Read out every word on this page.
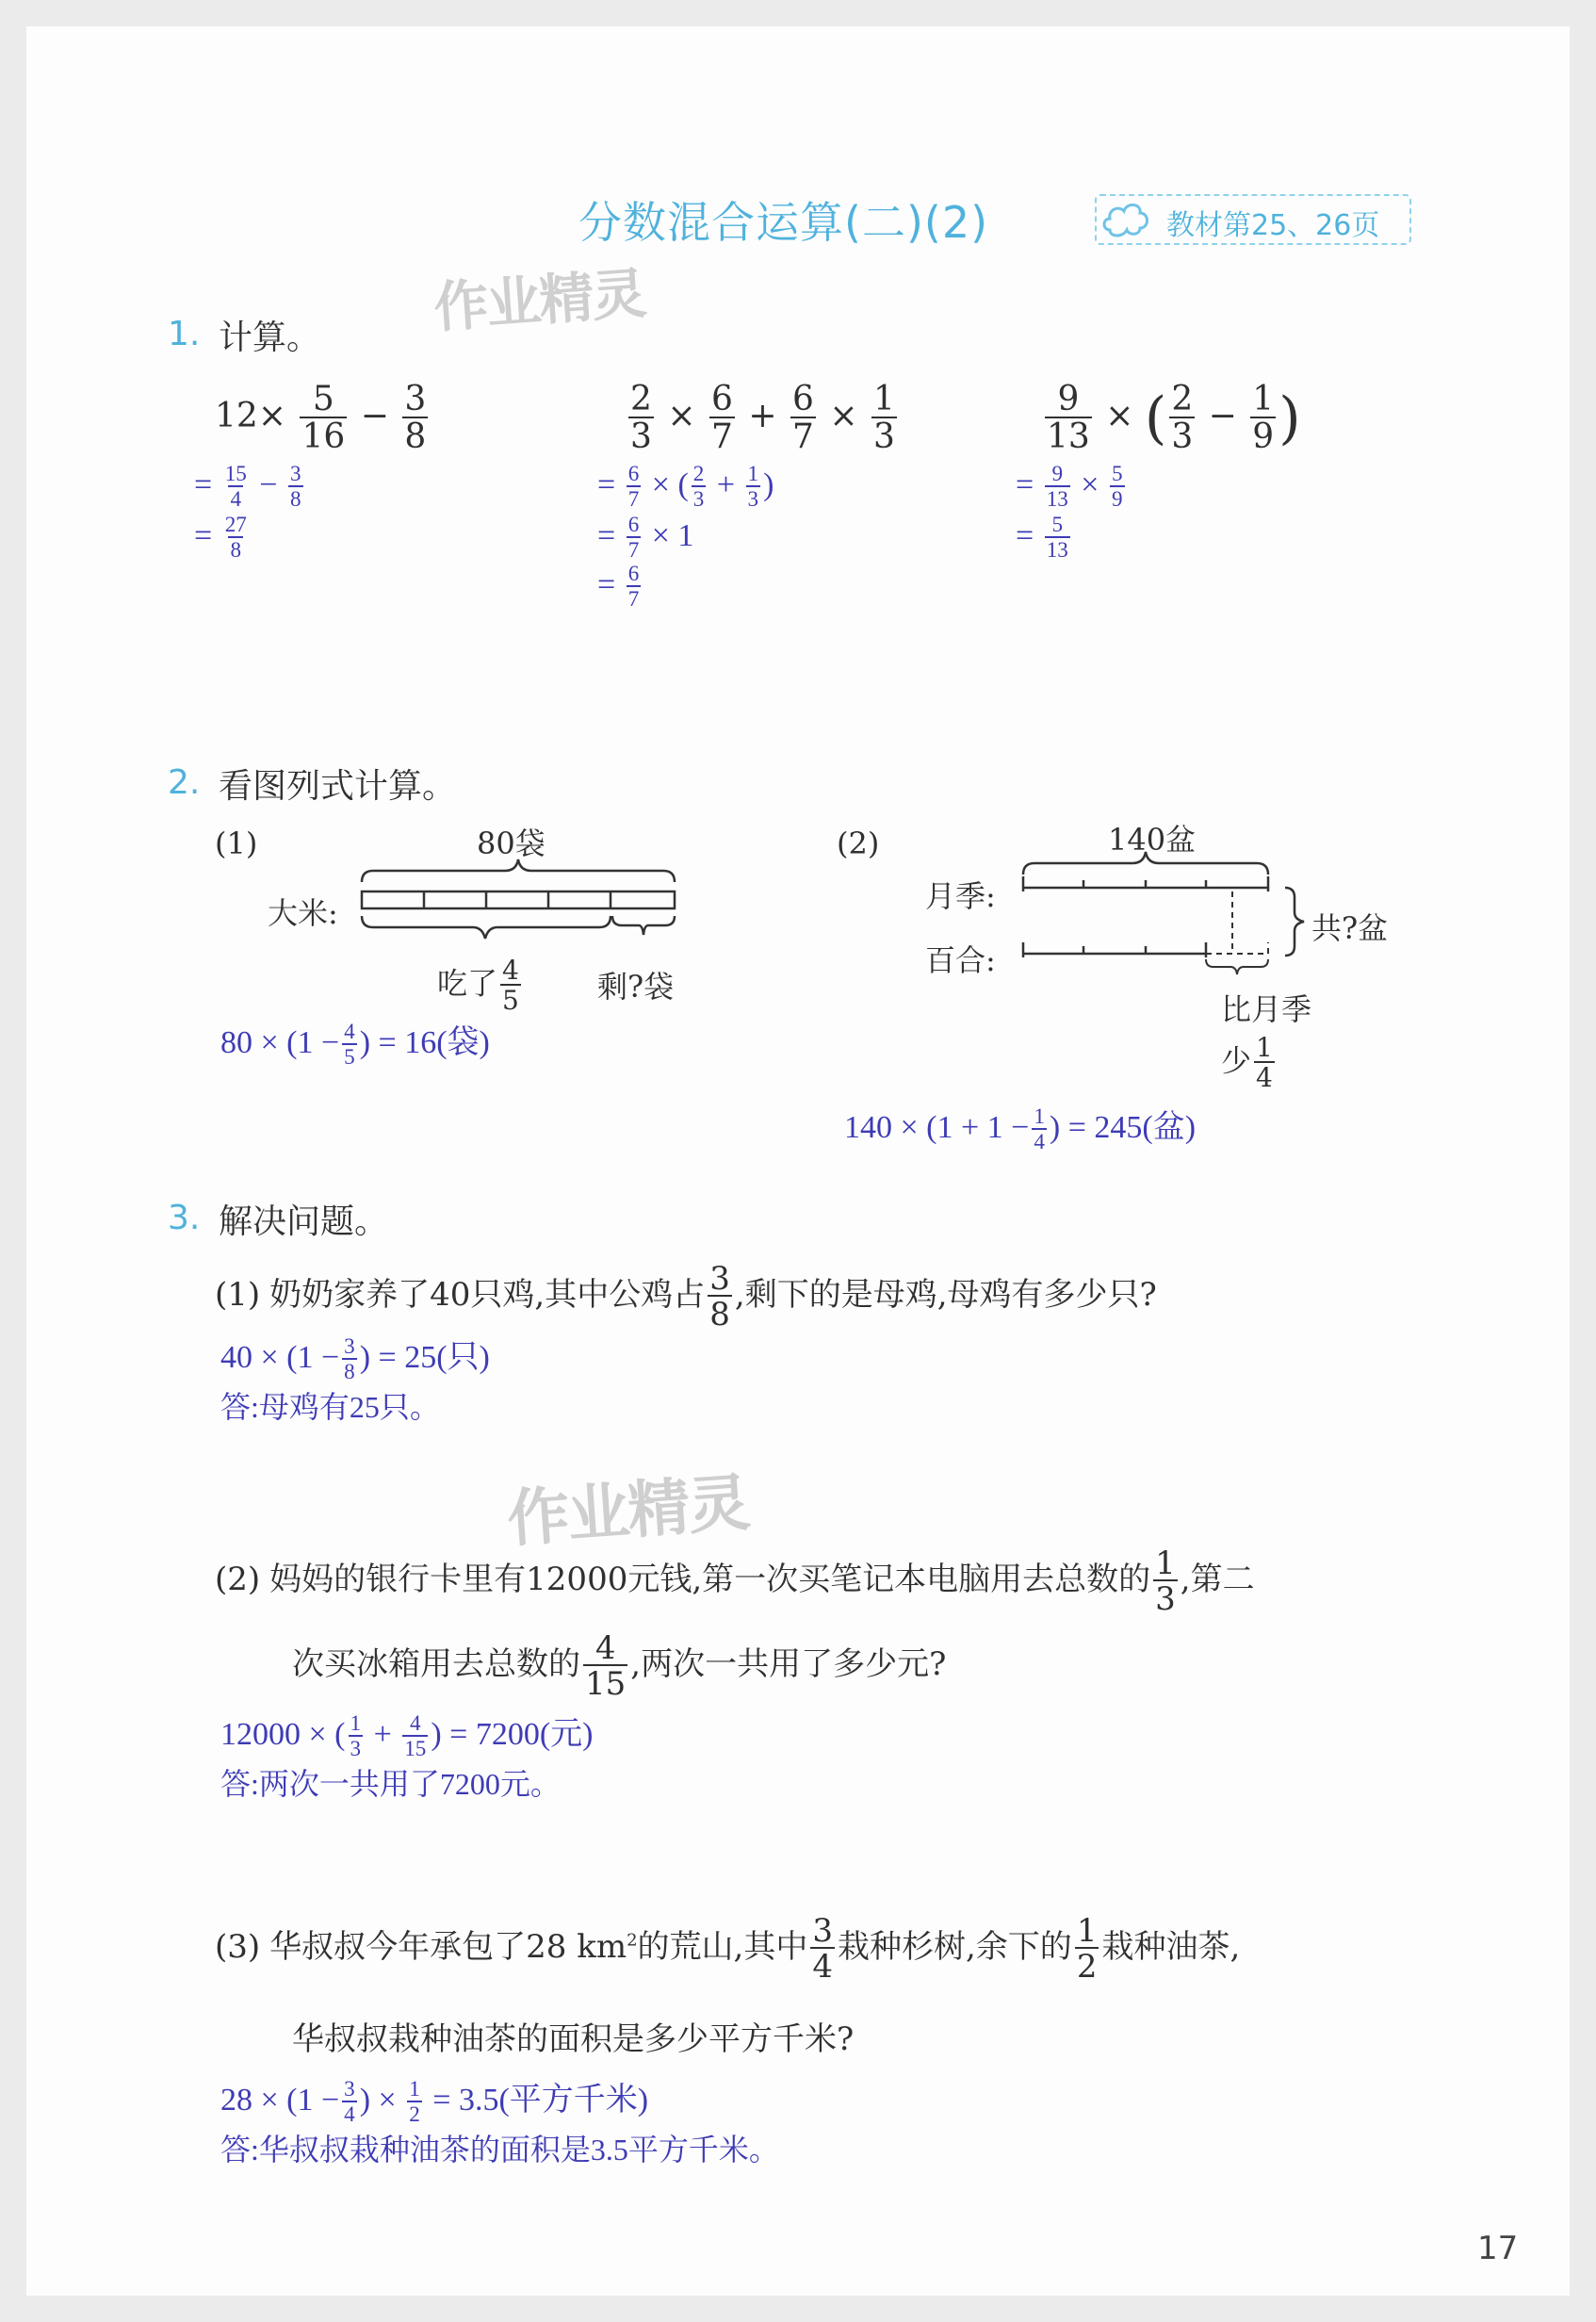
分数混合运算(二)(2)	教材第25、26页
作业精灵
1. 计算。
$12\times \frac{5}{16} - \frac{3}{8}$
= $\frac{15}{4} - \frac{3}{8}$
= $\frac{27}{8}$
$\frac{2}{3} \times \frac{6}{7} + \frac{6}{7} \times \frac{1}{3}$
= $\frac{6}{7}$ × ( $\frac{2}{3} + \frac{1}{3}$ )
= $\frac{6}{7} \times 1$
= $\frac{6}{7}$
$\frac{9}{13}$ × ( $\frac{2}{3} - \frac{1}{9}$ )
= $\frac{9}{13} \times \frac{5}{9}$
= $\frac{5}{13}$
2. 看图列式计算。
(1)	80袋
大米:
吃了 $\frac{4}{5}$	剩?袋
$80 \times (1 - \frac{4}{5}$ ) = 16(袋)
(2)	140盆
月季:
百合:
共?盆
比月季
少 $\frac{1}{4}$
$140 \times (1 + 1 - \frac{1}{4}$ ) = 245(盆)
3. 解决问题。
(1) 奶奶家养了40只鸡,其中公鸡占 $\frac{3}{8}$ ,剩下的是母鸡,母鸡有多少只?
$40 \times (1 - \frac{3}{8}$ ) = 25(只)
答:母鸡有25只。
作业精灵
(2) 妈妈的银行卡里有12000元钱,第一次买笔记本电脑用去总数的 $\frac{1}{3}$ ,第二
次买冰箱用去总数的 $\frac{4}{15}$ ,两次一共用了多少元?
12000 × ( $\frac{1}{3} + \frac{4}{15}$ ) = 7200(元)
答:两次一共用了7200元。
(3) 华叔叔今年承包了28 $km^2$的荒山,其中 $\frac{3}{4}$ 栽种杉树,余下的 $\frac{1}{2}$ 栽种油茶,
华叔叔栽种油茶的面积是多少平方千米?
$28 \times (1 - \frac{3}{4}$ ) × $\frac{1}{2} = 3.5$(平方千米)
答:华叔叔栽种油茶的面积是3.5平方千米。
17
